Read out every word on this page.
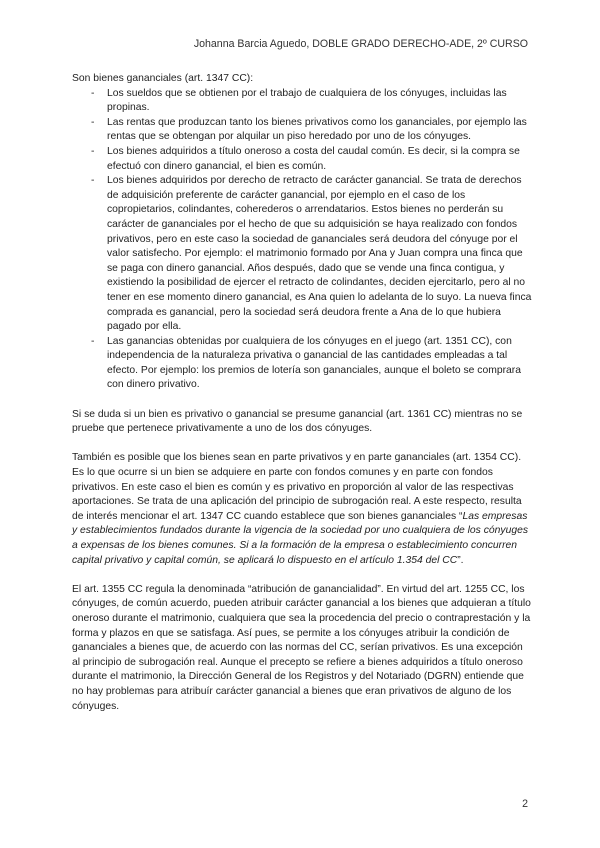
Johanna Barcia Aguedo, DOBLE GRADO DERECHO-ADE, 2º CURSO

Son bienes gananciales (art. 1347 CC):

- Los sueldos que se obtienen por el trabajo de cualquiera de los cónyuges, incluidas las propinas.
- Las rentas que produzcan tanto los bienes privativos como los gananciales, por ejemplo las rentas que se obtengan por alquilar un piso heredado por uno de los cónyuges.
- Los bienes adquiridos a título oneroso a costa del caudal común. Es decir, si la compra se efectuó con dinero ganancial, el bien es común.
- Los bienes adquiridos por derecho de retracto de carácter ganancial. Se trata de derechos de adquisición preferente de carácter ganancial, por ejemplo en el caso de los copropietarios, colindantes, coherederos o arrendatarios. Estos bienes no perderán su carácter de gananciales por el hecho de que su adquisición se haya realizado con fondos privativos, pero en este caso la sociedad de gananciales será deudora del cónyuge por el valor satisfecho. Por ejemplo: el matrimonio formado por Ana y Juan compra una finca que se paga con dinero ganancial. Años después, dado que se vende una finca contigua, y existiendo la posibilidad de ejercer el retracto de colindantes, deciden ejercitarlo, pero al no tener en ese momento dinero ganancial, es Ana quien lo adelanta de lo suyo. La nueva finca comprada es ganancial, pero la sociedad será deudora frente a Ana de lo que hubiera pagado por ella.
- Las ganancias obtenidas por cualquiera de los cónyuges en el juego (art. 1351 CC), con independencia de la naturaleza privativa o ganancial de las cantidades empleadas a tal efecto. Por ejemplo: los premios de lotería son gananciales, aunque el boleto se comprara con dinero privativo.

Si se duda si un bien es privativo o ganancial se presume ganancial (art. 1361 CC) mientras no se pruebe que pertenece privativamente a uno de los dos cónyuges.

También es posible que los bienes sean en parte privativos y en parte gananciales (art. 1354 CC). Es lo que ocurre si un bien se adquiere en parte con fondos comunes y en parte con fondos privativos. En este caso el bien es común y es privativo en proporción al valor de las respectivas aportaciones. Se trata de una aplicación del principio de subrogación real. A este respecto, resulta de interés mencionar el art. 1347 CC cuando establece que son bienes gananciales “Las empresas y establecimientos fundados durante la vigencia de la sociedad por uno cualquiera de los cónyuges a expensas de los bienes comunes. Si a la formación de la empresa o establecimiento concurren capital privativo y capital común, se aplicará lo dispuesto en el artículo 1.354 del CC”.

El art. 1355 CC regula la denominada “atribución de ganancialidad”. En virtud del art. 1255 CC, los cónyuges, de común acuerdo, pueden atribuir carácter ganancial a los bienes que adquieran a título oneroso durante el matrimonio, cualquiera que sea la procedencia del precio o contraprestación y la forma y plazos en que se satisfaga. Así pues, se permite a los cónyuges atribuir la condición de gananciales a bienes que, de acuerdo con las normas del CC, serían privativos. Es una excepción al principio de subrogación real. Aunque el precepto se refiere a bienes adquiridos a título oneroso durante el matrimonio, la Dirección General de los Registros y del Notariado (DGRN) entiende que no hay problemas para atribuír carácter ganancial a bienes que eran privativos de alguno de los cónyuges.

2
